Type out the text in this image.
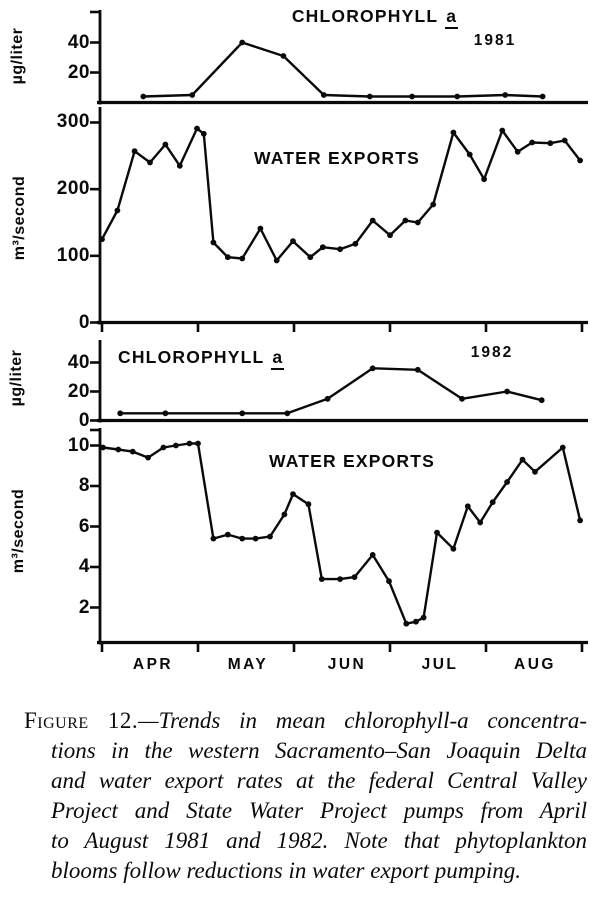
20
40
0
100
200
300
0
20
40
2
4
6
8
10
CHLOROPHYLL a
1981
µg/liter
WATER EXPORTS
m³/second
CHLOROPHYLL a	1982
µg/liter
WATER EXPORTS
m³/second
APR	MAY	JUN	JUL	AUG
Figure 12.—Trends in mean chlorophyll-a concentra-
tions in the western Sacramento–San Joaquin Delta
and water export rates at the federal Central Valley
Project and State Water Project pumps from April
to August 1981 and 1982. Note that phytoplankton
blooms follow reductions in water export pumping.
